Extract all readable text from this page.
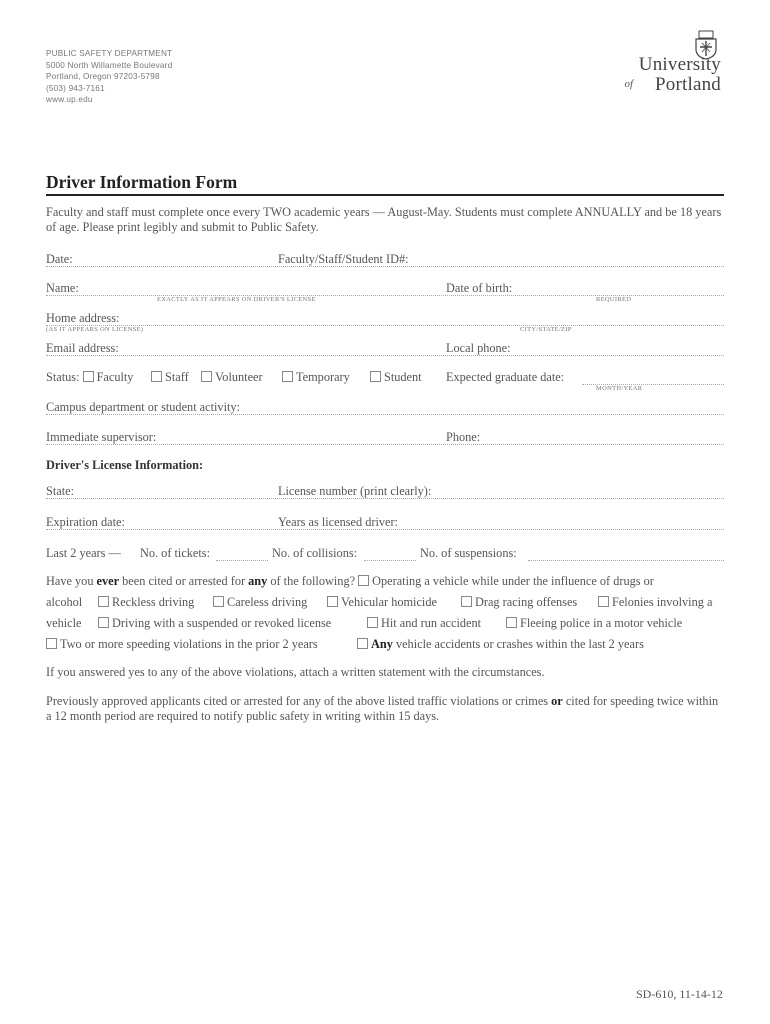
PUBLIC SAFETY DEPARTMENT
5000 North Willamette Boulevard
Portland, Oregon 97203-5798
(503) 943-7161
www.up.edu
University
of Portland
Driver Information Form
Faculty and staff must complete once every TWO academic years — August-May. Students must complete ANNUALLY and be 18 years of age. Please print legibly and submit to Public Safety.
Date:	Faculty/Staff/Student ID#:
Name:	Date of birth:
EXACTLY AS IT APPEARS ON DRIVER'S LICENSE	REQUIRED
Home address:
(AS IT APPEARS ON LICENSE)	CITY/STATE/ZIP
Email address:	Local phone:
Status: Faculty	Staff	Volunteer	Temporary	Student Expected graduate date:
MONTH/YEAR
Campus department or student activity:
Immediate supervisor:	Phone:
Driver's License Information:
State:	License number (print clearly):
Expiration date:	Years as licensed driver:
Last 2 years — No. of tickets:	No. of collisions:	No. of suspensions:
Have you ever been cited or arrested for any of the following? Operating a vehicle while under the influence of drugs or
alcohol	Reckless driving	Careless driving	Vehicular homicide	Drag racing offenses	Felonies involving a
vehicle	Driving with a suspended or revoked license	Hit and run accident	Fleeing police in a motor vehicle
Two or more speeding violations in the prior 2 years	Any vehicle accidents or crashes within the last 2 years
If you answered yes to any of the above violations, attach a written statement with the circumstances.
Previously approved applicants cited or arrested for any of the above listed traffic violations or crimes or cited for speeding twice within a 12 month period are required to notify public safety in writing within 15 days.
SD-610, 11-14-12
